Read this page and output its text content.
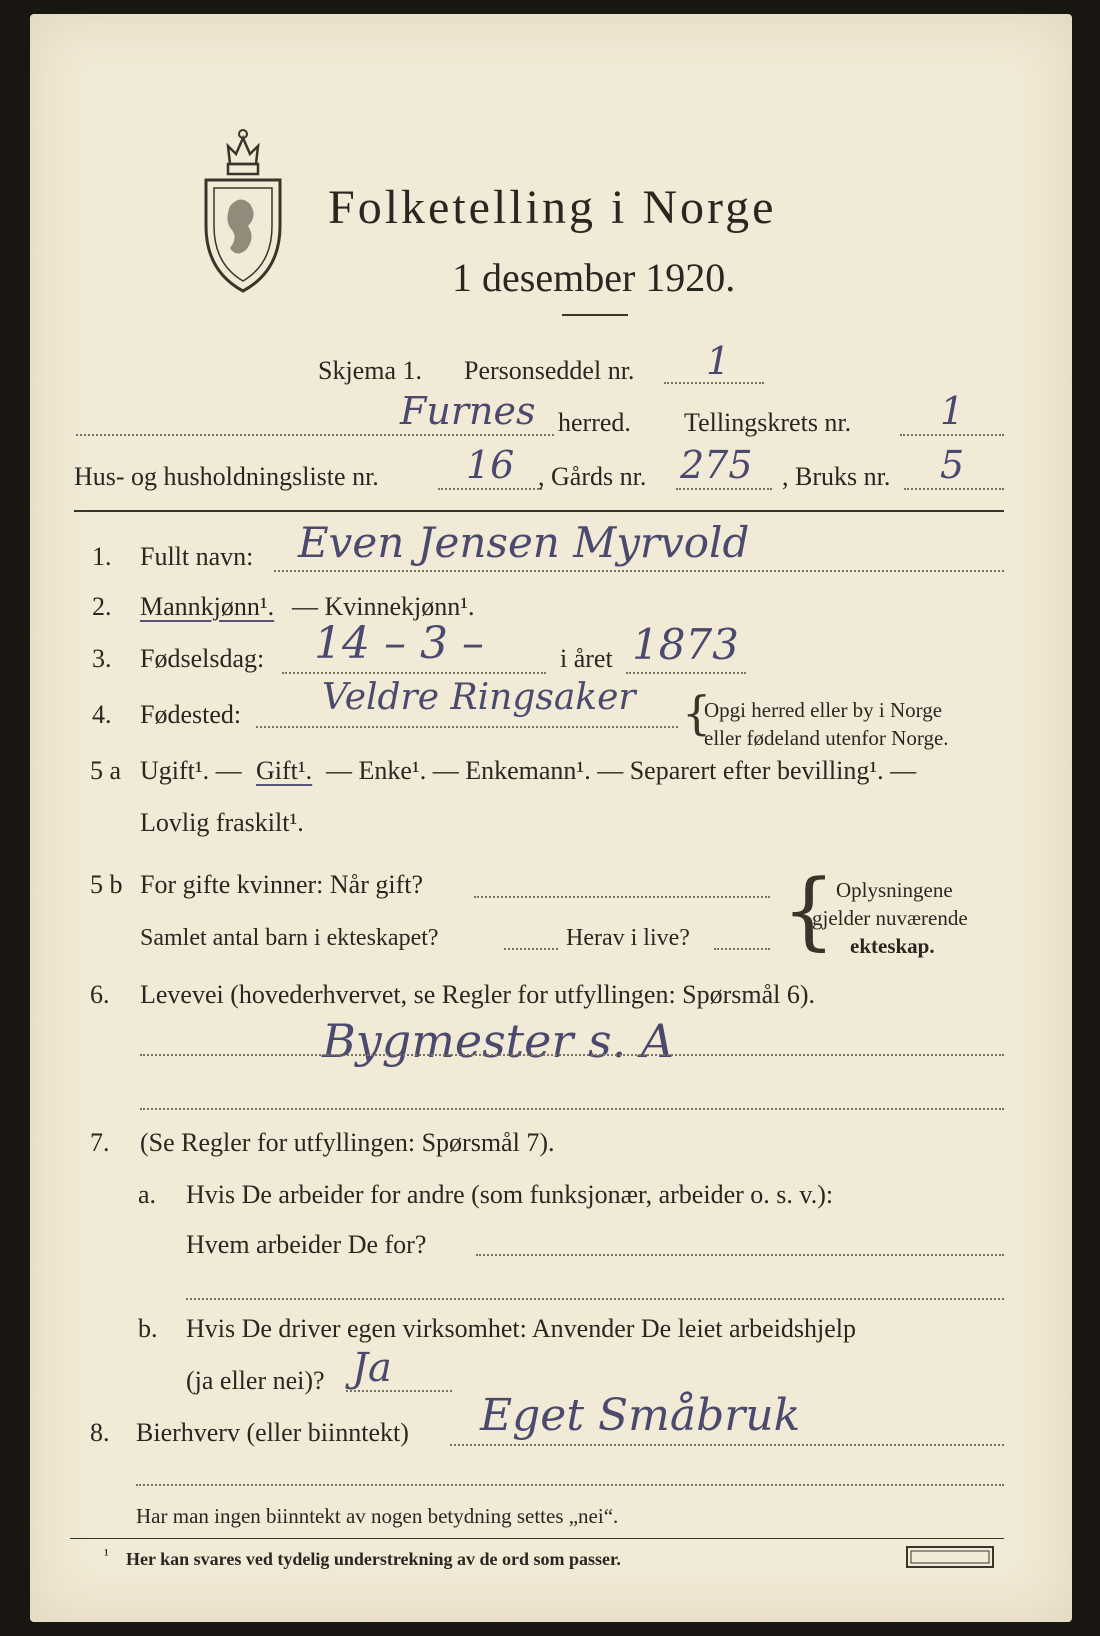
Folketelling i Norge
1 desember 1920.
Skjema 1. Personseddel nr. 1
Furnes herred. Tellingskrets nr. 1
Hus- og husholdningsliste nr. 16 , Gårds nr. 275 , Bruks nr. 5
1. Fullt navn: Even Jensen Myrvold
2. Mannkjønn¹. — Kvinnekjønn¹.
3. Fødselsdag: 14 – 3 –	i året 1873
4. Fødested: Veldre Ringsaker {
Opgi herred eller by i Norge
eller fødeland utenfor Norge.
5 a Ugift¹. — Gift¹. — Enke¹. — Enkemann¹. — Separert efter bevilling¹. —
Lovlig fraskilt¹.
5 b For gifte kvinner: Når gift?
Samlet antal barn i ekteskapet?	Herav i live? { Oplysningene
gjelder nuværende
ekteskap.
6. Levevei (hovederhvervet, se Regler for utfyllingen: Spørsmål 6).
Bygmester s. A
7. (Se Regler for utfyllingen: Spørsmål 7).
a. Hvis De arbeider for andre (som funksjonær, arbeider o. s. v.):
Hvem arbeider De for?
b. Hvis De driver egen virksomhet: Anvender De leiet arbeidshjelp
(ja eller nei)? Ja
8. Bierhverv (eller biinntekt) Eget Småbruk
Har man ingen biinntekt av nogen betydning settes „nei“.
¹ Her kan svares ved tydelig understrekning av de ord som passer.
